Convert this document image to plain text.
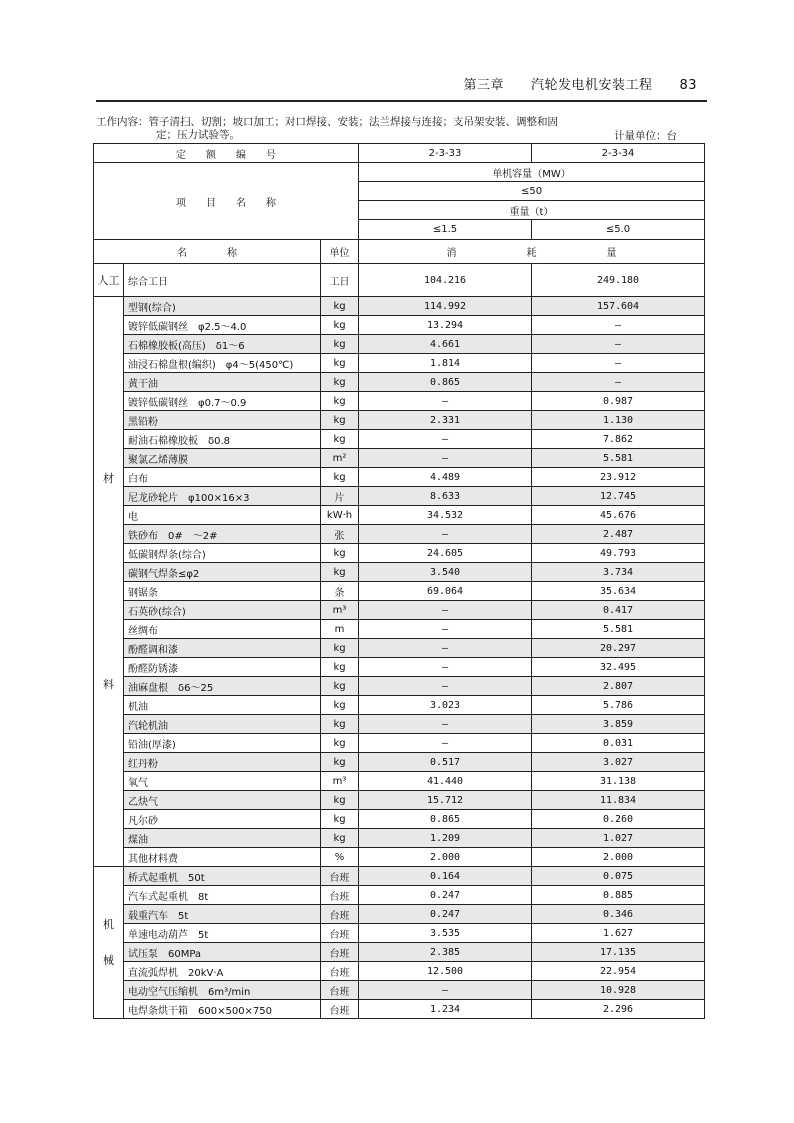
第三章　　汽轮发电机安装工程　　83
工作内容：管子清扫、切割；坡口加工；对口焊接、安装；法兰焊接与连接；支吊架安装、调整和固
定；压力试验等。	计量单位：台
定　　额　　编　　号			2-3-33	2-3-34
项　　目　　名　　称			单机容量（MW）	
			≤50	
			重量（t）	
			≤1.5	≤5.0
名　　　　称		单位	消　　　　　　　耗　　　　　　　量	
人工	综合工日	工日	104.216	249.180

材
料	型钢(综合)	kg	114.992	157.604
	镀锌低碳钢丝　φ2.5～4.0	kg	13.294	—
	石棉橡胶板(高压)　δ1～6	kg	4.661	—
	油浸石棉盘根(编织)　φ4～5(450℃)	kg	1.814	—
	黄干油	kg	0.865	—
	镀锌低碳钢丝　φ0.7～0.9	kg	—	0.987
	黑铅粉	kg	2.331	1.130
	耐油石棉橡胶板　δ0.8	kg	—	7.862
	聚氯乙烯薄膜	m²	—	5.581
	白布	kg	4.489	23.912
	尼龙砂轮片　φ100×16×3	片	8.633	12.745
	电	kW·h	34.532	45.676
	铁砂布　0#　～2#	张	—	2.487
	低碳钢焊条(综合)	kg	24.605	49.793
	碳钢气焊条≤φ2	kg	3.540	3.734
	钢锯条	条	69.064	35.634
	石英砂(综合)	m³	—	0.417
	丝绸布	m	—	5.581
	酚醛调和漆	kg	—	20.297
	酚醛防锈漆	kg	—	32.495
	油麻盘根　δ6～25	kg	—	2.807
	机油	kg	3.023	5.786
	汽轮机油	kg	—	3.859
	铅油(厚漆)	kg	—	0.031
	红丹粉	kg	0.517	3.027
	氧气	m³	41.440	31.138
	乙炔气	kg	15.712	11.834
	凡尔砂	kg	0.865	0.260
	煤油	kg	1.209	1.027
	其他材料费	%	2.000	2.000

机
械	桥式起重机　50t	台班	0.164	0.075
	汽车式起重机　8t	台班	0.247	0.885
	载重汽车　5t	台班	0.247	0.346
	单速电动葫芦　5t	台班	3.535	1.627
	试压泵　60MPa	台班	2.385	17.135
	直流弧焊机　20kV·A	台班	12.500	22.954
	电动空气压缩机　6m³/min	台班	—	10.928
	电焊条烘干箱　600×500×750	台班	1.234	2.296
